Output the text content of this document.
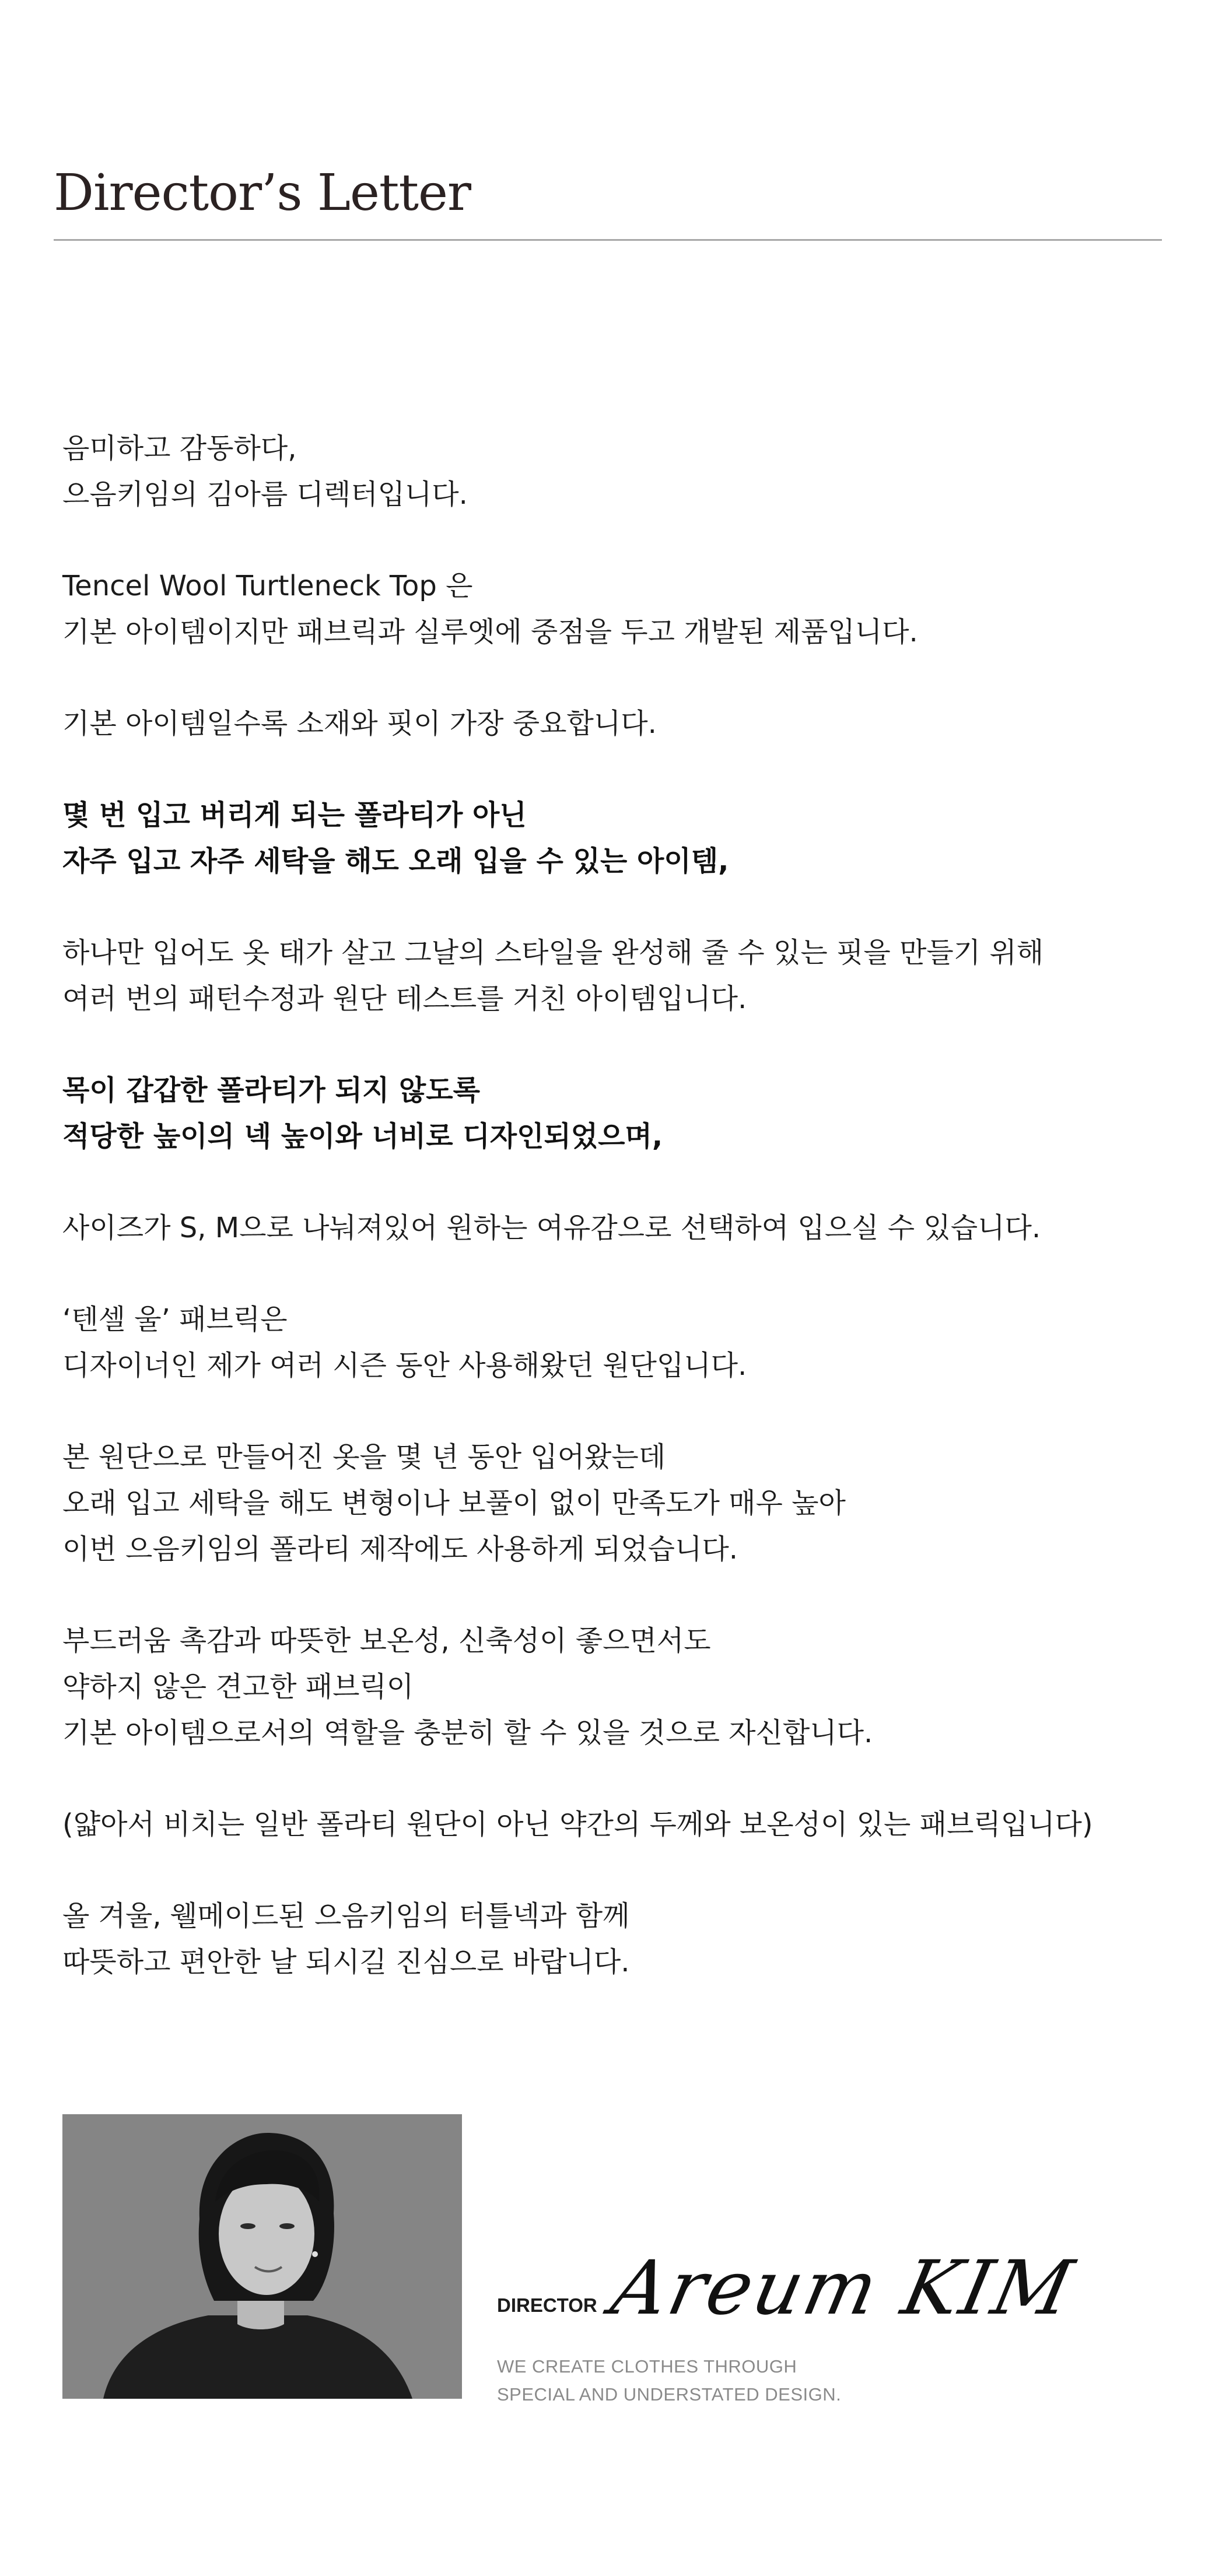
Director’s Letter

음미하고 감동하다,
으음키임의 김아름 디렉터입니다.

Tencel Wool Turtleneck Top 은
기본 아이템이지만 패브릭과 실루엣에 중점을 두고 개발된 제품입니다.

기본 아이템일수록 소재와 핏이 가장 중요합니다.

몇 번 입고 버리게 되는 폴라티가 아닌
자주 입고 자주 세탁을 해도 오래 입을 수 있는 아이템,

하나만 입어도 옷 태가 살고 그날의 스타일을 완성해 줄 수 있는 핏을 만들기 위해
여러 번의 패턴수정과 원단 테스트를 거친 아이템입니다.

목이 갑갑한 폴라티가 되지 않도록
적당한 높이의 넥 높이와 너비로 디자인되었으며,

사이즈가 S, M으로 나눠져있어 원하는 여유감으로 선택하여 입으실 수 있습니다.

‘텐셀 울’ 패브릭은
디자이너인 제가 여러 시즌 동안 사용해왔던 원단입니다.

본 원단으로 만들어진 옷을 몇 년 동안 입어왔는데
오래 입고 세탁을 해도 변형이나 보풀이 없이 만족도가 매우 높아
이번 으음키임의 폴라티 제작에도 사용하게 되었습니다.

부드러움 촉감과 따뜻한 보온성, 신축성이 좋으면서도
약하지 않은 견고한 패브릭이
기본 아이템으로서의 역할을 충분히 할 수 있을 것으로 자신합니다.

(얇아서 비치는 일반 폴라티 원단이 아닌 약간의 두께와 보온성이 있는 패브릭입니다)

올 겨울, 웰메이드된 으음키임의 터틀넥과 함께
따뜻하고 편안한 날 되시길 진심으로 바랍니다.

DIRECTOR Areum KIM
WE CREATE CLOTHES THROUGH
SPECIAL AND UNDERSTATED DESIGN.
